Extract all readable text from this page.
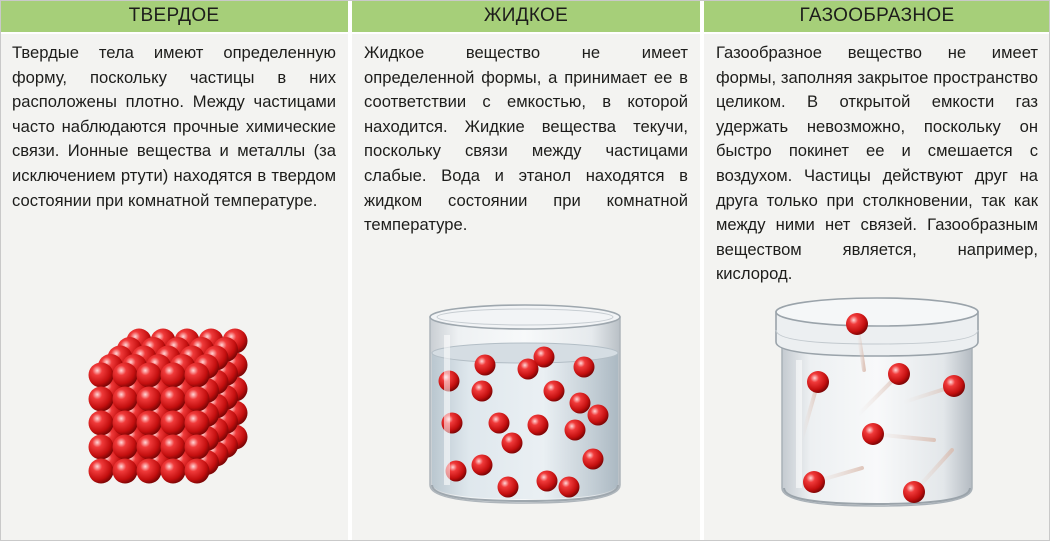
ТВЕРДОЕ
Твердые тела имеют определенную форму, поскольку частицы в них расположены плотно. Между частицами часто наблюдаются прочные химические связи. Ионные вещества и металлы (за исключением ртути) находятся в твердом состоянии при комнатной температуре.
ЖИДКОЕ
Жидкое вещество не имеет определенной формы, а принимает ее в соответствии с емкостью, в которой находится. Жидкие вещества текучи, поскольку связи между частицами слабые. Вода и этанол находятся в жидком состоянии при комнатной температуре.
ГАЗООБРАЗНОЕ
Газообразное вещество не имеет формы, заполняя закрытое пространство целиком. В открытой емкости газ удержать невозможно, поскольку он быстро покинет ее и смешается с воздухом. Частицы действуют друг на друга только при столкновении, так как между ними нет связей. Газообразным веществом является, например, кислород.
